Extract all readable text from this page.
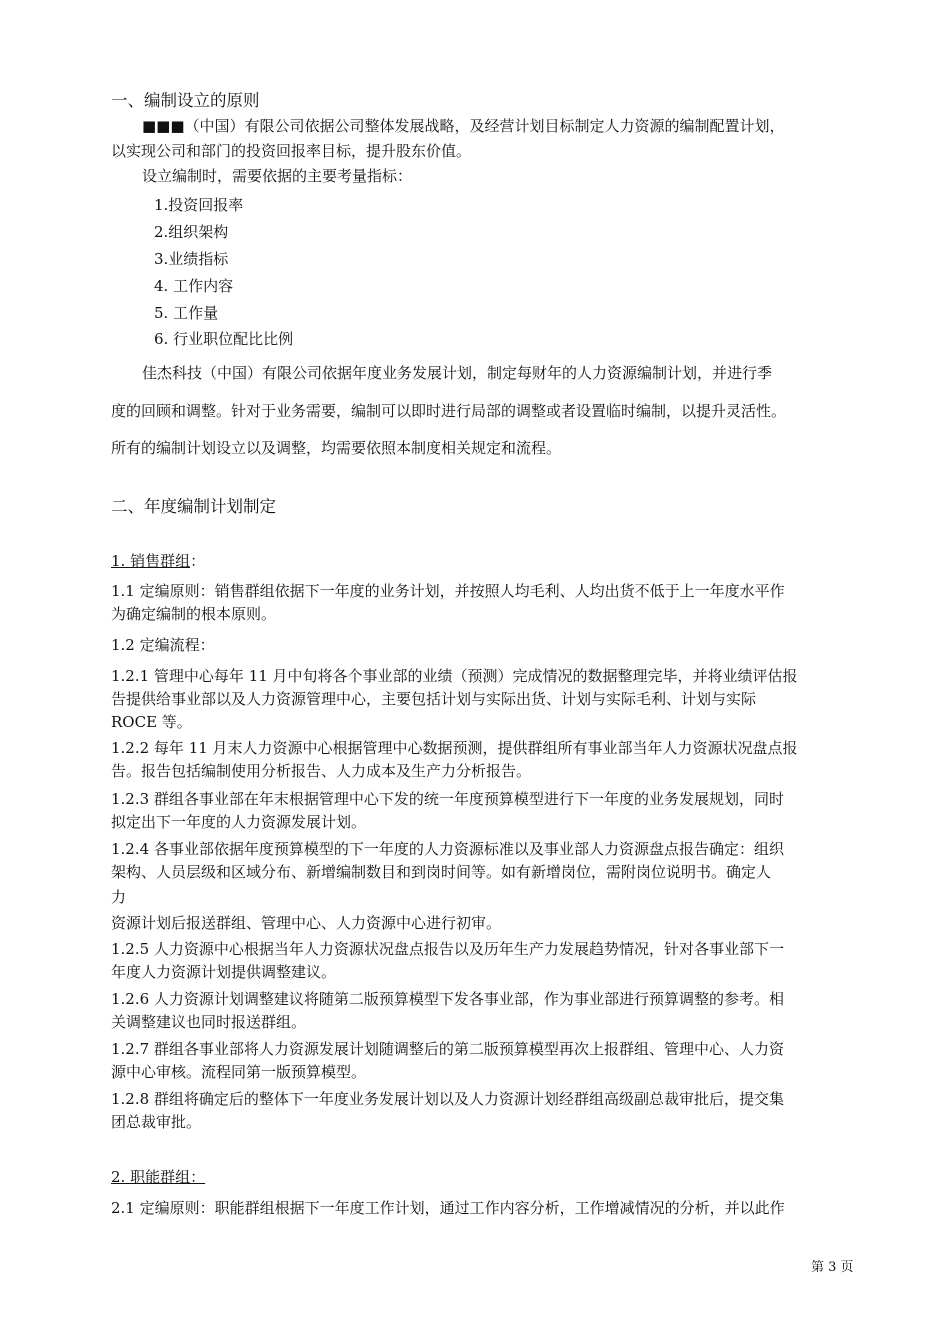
一、编制设立的原则
■■■（中国）有限公司依据公司整体发展战略，及经营计划目标制定人力资源的编制配置计划，
以实现公司和部门的投资回报率目标，提升股东价值。
设立编制时，需要依据的主要考量指标：
1.投资回报率
2.组织架构
3.业绩指标
4. 工作内容
5. 工作量
6. 行业职位配比比例
佳杰科技（中国）有限公司依据年度业务发展计划，制定每财年的人力资源编制计划，并进行季
度的回顾和调整。针对于业务需要，编制可以即时进行局部的调整或者设置临时编制，以提升灵活性。
所有的编制计划设立以及调整，均需要依照本制度相关规定和流程。
二、年度编制计划制定
1. 销售群组：
1.1 定编原则：销售群组依据下一年度的业务计划，并按照人均毛利、人均出货不低于上一年度水平作
为确定编制的根本原则。
1.2 定编流程：
1.2.1 管理中心每年 11 月中旬将各个事业部的业绩（预测）完成情况的数据整理完毕，并将业绩评估报
告提供给事业部以及人力资源管理中心，主要包括计划与实际出货、计划与实际毛利、计划与实际
ROCE 等。
1.2.2 每年 11 月末人力资源中心根据管理中心数据预测，提供群组所有事业部当年人力资源状况盘点报
告。报告包括编制使用分析报告、人力成本及生产力分析报告。
1.2.3 群组各事业部在年末根据管理中心下发的统一年度预算模型进行下一年度的业务发展规划，同时
拟定出下一年度的人力资源发展计划。
1.2.4 各事业部依据年度预算模型的下一年度的人力资源标准以及事业部人力资源盘点报告确定：组织
架构、人员层级和区域分布、新增编制数目和到岗时间等。如有新增岗位，需附岗位说明书。确定人
力
资源计划后报送群组、管理中心、人力资源中心进行初审。
1.2.5 人力资源中心根据当年人力资源状况盘点报告以及历年生产力发展趋势情况，针对各事业部下一
年度人力资源计划提供调整建议。
1.2.6 人力资源计划调整建议将随第二版预算模型下发各事业部，作为事业部进行预算调整的参考。相
关调整建议也同时报送群组。
1.2.7 群组各事业部将人力资源发展计划随调整后的第二版预算模型再次上报群组、管理中心、人力资
源中心审核。流程同第一版预算模型。
1.2.8 群组将确定后的整体下一年度业务发展计划以及人力资源计划经群组高级副总裁审批后，提交集
团总裁审批。
2. 职能群组：
2.1 定编原则：职能群组根据下一年度工作计划，通过工作内容分析，工作增减情况的分析，并以此作
第 3 页
